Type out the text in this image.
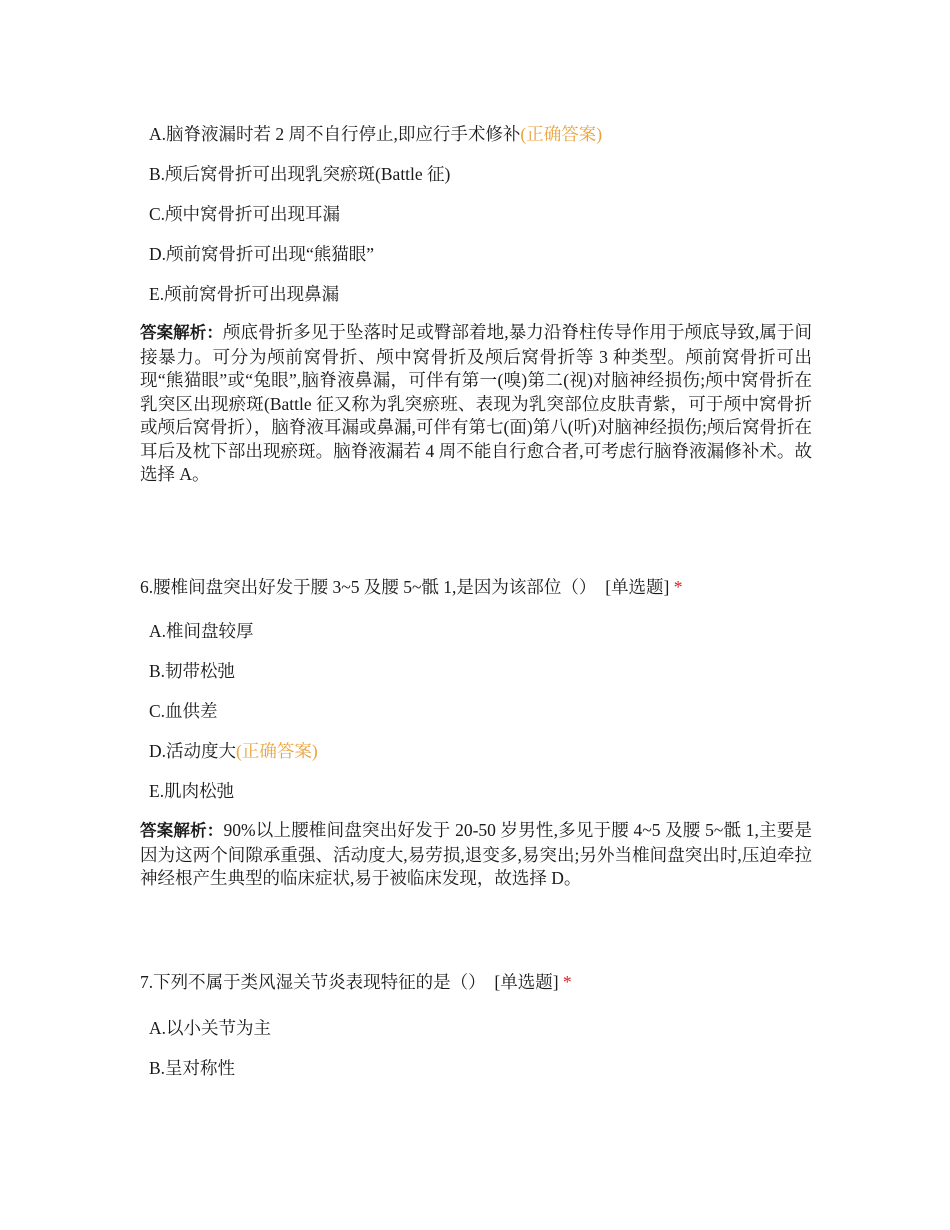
A.脑脊液漏时若 2 周不自行停止,即应行手术修补(正确答案)
B.颅后窝骨折可出现乳突瘀斑(Battle 征)
C.颅中窝骨折可出现耳漏
D.颅前窝骨折可出现“熊猫眼”
E.颅前窝骨折可出现鼻漏
答案解析：颅底骨折多见于坠落时足或臀部着地,暴力沿脊柱传导作用于颅底导致,属于间接暴力。可分为颅前窝骨折、颅中窝骨折及颅后窝骨折等 3 种类型。颅前窝骨折可出现“熊猫眼”或“兔眼”,脑脊液鼻漏，可伴有第一(嗅)第二(视)对脑神经损伤;颅中窝骨折在乳突区出现瘀斑(Battle 征又称为乳突瘀班、表现为乳突部位皮肤青紫，可于颅中窝骨折或颅后窝骨折），脑脊液耳漏或鼻漏,可伴有第七(面)第八(听)对脑神经损伤;颅后窝骨折在耳后及枕下部出现瘀斑。脑脊液漏若 4 周不能自行愈合者,可考虑行脑脊液漏修补术。故选择 A。
6.腰椎间盘突出好发于腰 3~5 及腰 5~骶 1,是因为该部位（） [单选题] *
A.椎间盘较厚
B.韧带松弛
C.血供差
D.活动度大(正确答案)
E.肌肉松弛
答案解析：90%以上腰椎间盘突出好发于 20-50 岁男性,多见于腰 4~5 及腰 5~骶 1,主要是因为这两个间隙承重强、活动度大,易劳损,退变多,易突出;另外当椎间盘突出时,压迫牵拉神经根产生典型的临床症状,易于被临床发现，故选择 D。
7.下列不属于类风湿关节炎表现特征的是（） [单选题] *
A.以小关节为主
B.呈对称性
